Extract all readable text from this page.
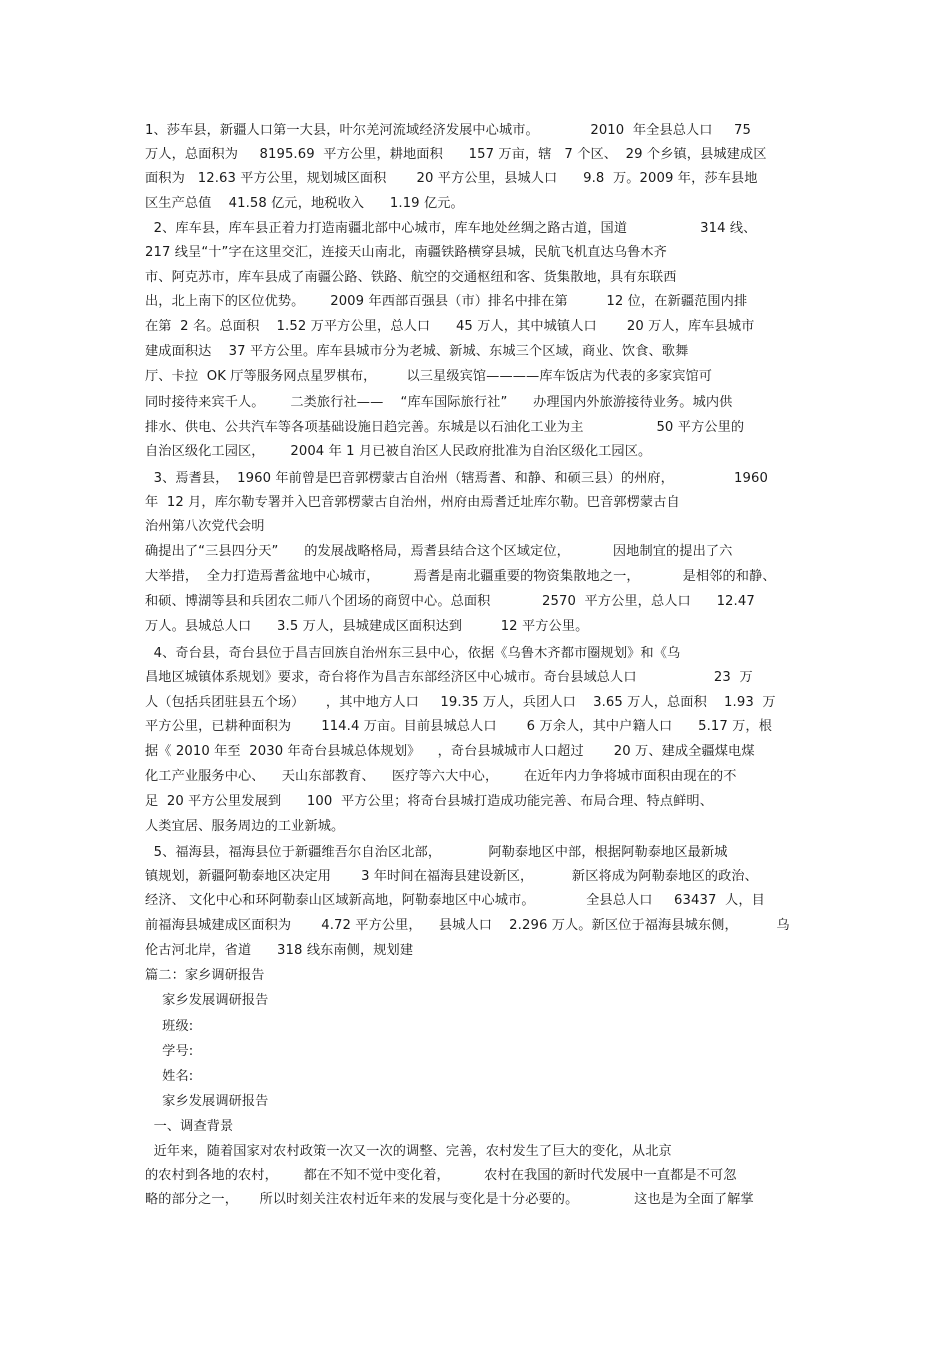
1、莎车县，新疆人口第一大县，叶尔羌河流域经济发展中心城市。            2010  年全县总人口     75
万人，总面积为     8195.69  平方公里，耕地面积      157 万亩，辖   7 个区、  29 个乡镇，县城建成区
面积为   12.63 平方公里，规划城区面积       20 平方公里，县城人口      9.8  万。2009 年，莎车县地
区生产总值    41.58 亿元，地税收入      1.19 亿元。
2、库车县，库车县正着力打造南疆北部中心城市，库车地处丝绸之路古道，国道                 314 线、
217 线呈“十”字在这里交汇，连接天山南北，南疆铁路横穿县城，民航飞机直达乌鲁木齐
市、阿克苏市，库车县成了南疆公路、铁路、航空的交通枢纽和客、货集散地，具有东联西
出，北上南下的区位优势。      2009 年西部百强县（市）排名中排在第         12 位，在新疆范围内排
在第  2 名。总面积    1.52 万平方公里，总人口      45 万人，其中城镇人口       20 万人，库车县城市
建成面积达    37 平方公里。库车县城市分为老城、新城、东城三个区域，商业、饮食、歌舞
厅、卡拉  OK 厅等服务网点星罗棋布，       以三星级宾馆————库车饭店为代表的多家宾馆可
同时接待来宾千人。      二类旅行社——    “库车国际旅行社”      办理国内外旅游接待业务。城内供
排水、供电、公共汽车等各项基础设施日趋完善。东城是以石油化工业为主                 50 平方公里的
自治区级化工园区，      2004 年 1 月已被自治区人民政府批准为自治区级化工园区。
3、焉耆县，  1960 年前曾是巴音郭楞蒙古自治州（辖焉耆、和静、和硕三县）的州府，              1960
年  12 月，库尔勒专署并入巴音郭楞蒙古自治州，州府由焉耆迁址库尔勒。巴音郭楞蒙古自
治州第八次党代会明
确提出了“三县四分天”      的发展战略格局，焉耆县结合这个区域定位，          因地制宜的提出了六
大举措，  全力打造焉耆盆地中心城市，        焉耆是南北疆重要的物资集散地之一，          是相邻的和静、
和硕、博湖等县和兵团农二师八个团场的商贸中心。总面积            2570  平方公里，总人口      12.47
万人。县城总人口      3.5 万人，县城建成区面积达到         12 平方公里。
4、奇台县，奇台县位于昌吉回族自治州东三县中心，依据《乌鲁木齐都市圈规划》和《乌
昌地区城镇体系规划》要求，奇台将作为昌吉东部经济区中心城市。奇台县域总人口                  23  万
人（包括兵团驻县五个场）     ，其中地方人口     19.35 万人，兵团人口    3.65 万人，总面积    1.93  万
平方公里，已耕种面积为       114.4 万亩。目前县城总人口       6 万余人，其中户籍人口      5.17 万，根
据《 2010 年至  2030 年奇台县城总体规划》    ，奇台县城城市人口超过       20 万、建成全疆煤电煤
化工产业服务中心、    天山东部教育、    医疗等六大中心，      在近年内力争将城市面积由现在的不
足  20 平方公里发展到      100  平方公里；将奇台县城打造成功能完善、布局合理、特点鲜明、
人类宜居、服务周边的工业新城。
5、福海县，福海县位于新疆维吾尔自治区北部，           阿勒泰地区中部，根据阿勒泰地区最新城
镇规划，新疆阿勒泰地区决定用       3 年时间在福海县建设新区，         新区将成为阿勒泰地区的政治、
经济、 文化中心和环阿勒泰山区域新高地，阿勒泰地区中心城市。            全县总人口     63437  人，目
前福海县城建成区面积为       4.72 平方公里，    县城人口    2.296 万人。新区位于福海县城东侧，         乌
伦古河北岸，省道      318 线东南侧，规划建
篇二：家乡调研报告
家乡发展调研报告
班级:
学号:
姓名:
家乡发展调研报告
一、调查背景
近年来，随着国家对农村政策一次又一次的调整、完善，农村发生了巨大的变化，从北京
的农村到各地的农村，      都在不知不觉中变化着，        农村在我国的新时代发展中一直都是不可忽
略的部分之一，     所以时刻关注农村近年来的发展与变化是十分必要的。             这也是为全面了解掌
